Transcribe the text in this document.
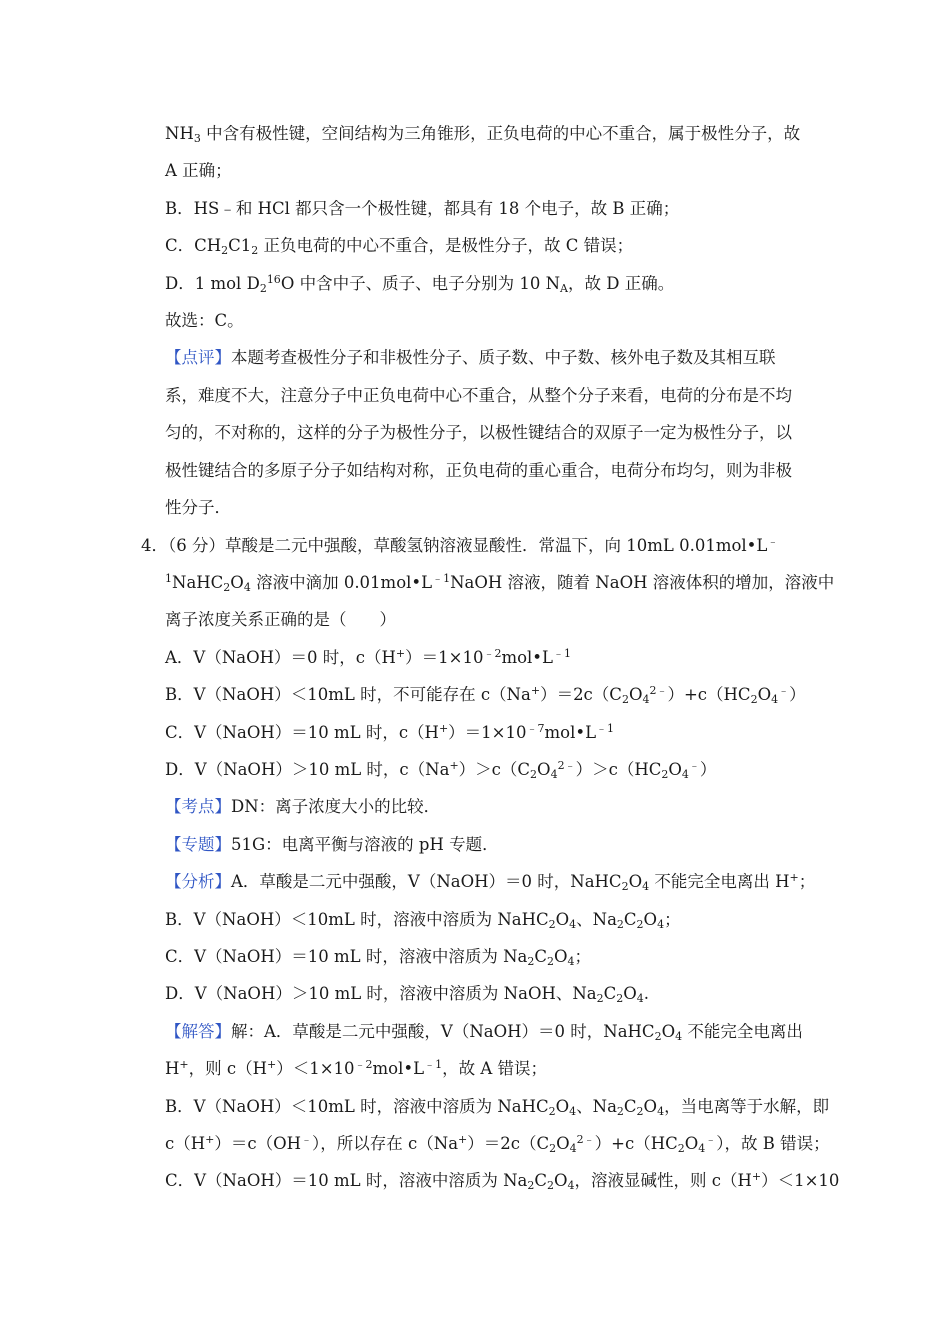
$NH_3$ 中含有极性键，空间结构为三角锥形，正负电荷的中心不重合，属于极性分子，故
A 正确；
B．HS﹣和 HCl 都只含一个极性键，都具有 18 个电子，故 B 正确；
C．$CH_2C1_2$ 正负电荷的中心不重合，是极性分子，故 C 错误；
D．1 mol $D_2^{16}O$ 中含中子、质子、电子分别为 10 $N_A$，故 D 正确。
故选：C。
【点评】本题考查极性分子和非极性分子、质子数、中子数、核外电子数及其相互联
系，难度不大，注意分子中正负电荷中心不重合，从整个分子来看，电荷的分布是不均
匀的，不对称的，这样的分子为极性分子，以极性键结合的双原子一定为极性分子，以
极性键结合的多原子分子如结构对称，正负电荷的重心重合，电荷分布均匀，则为非极
性分子．
4．（6 分）草酸是二元中强酸，草酸氢钠溶液显酸性．常温下，向 10mL 0.01mol•L﹣
$^1NaHC_2O_4$ 溶液中滴加 $0.01mol•L^{﹣1}NaOH$ 溶液，随着 NaOH 溶液体积的增加，溶液中
离子浓度关系正确的是（　　）
A．V（NaOH）＝0 时，$c(H^+)=1\times 10^{﹣2}mol•L^{﹣1}$
B．V（NaOH）＜10mL 时，不可能存在 $c(Na^+)=2c(C_2O_4^{2﹣})+c(HC_2O_4^﹣)$
C．V（NaOH）＝10 mL 时，$c(H^+)=1\times 10^{﹣7}mol•L^{﹣1}$
D．V（NaOH）＞10 mL 时，$c(Na^+)>c(C_2O_4^{2﹣})>c(HC_2O_4^﹣)$
【考点】DN：离子浓度大小的比较．
【专题】51G：电离平衡与溶液的 pH 专题．
【分析】A．草酸是二元中强酸，V（NaOH）＝0 时，$NaHC_2O_4$ 不能完全电离出 H+；
B．V（NaOH）＜10mL 时，溶液中溶质为 $NaHC_2O_4$、$Na_2C_2O_4$；
C．V（NaOH）＝10 mL 时，溶液中溶质为 $Na_2C_2O_4$；
D．V（NaOH）＞10 mL 时，溶液中溶质为 NaOH、$Na_2C_2O_4$.
【解答】解：A．草酸是二元中强酸，V（NaOH）＝0 时，$NaHC_2O_4$ 不能完全电离出
H+，则 $c(H^+)<1\times 10^{﹣2}mol•L^{﹣1}$，故 A 错误；
B．V（NaOH）＜10mL 时，溶液中溶质为 $NaHC_2O_4$、$Na_2C_2O_4$，当电离等于水解，即
c（H+）＝c（OH﹣），所以存在 $c(Na^+)=2c(C_2O_4^{2﹣})+c(HC_2O_4^﹣)$，故 B 错误；
C．V（NaOH）＝10 mL 时，溶液中溶质为 $Na_2C_2O_4$，溶液显碱性，则 c（H+）＜1×10
